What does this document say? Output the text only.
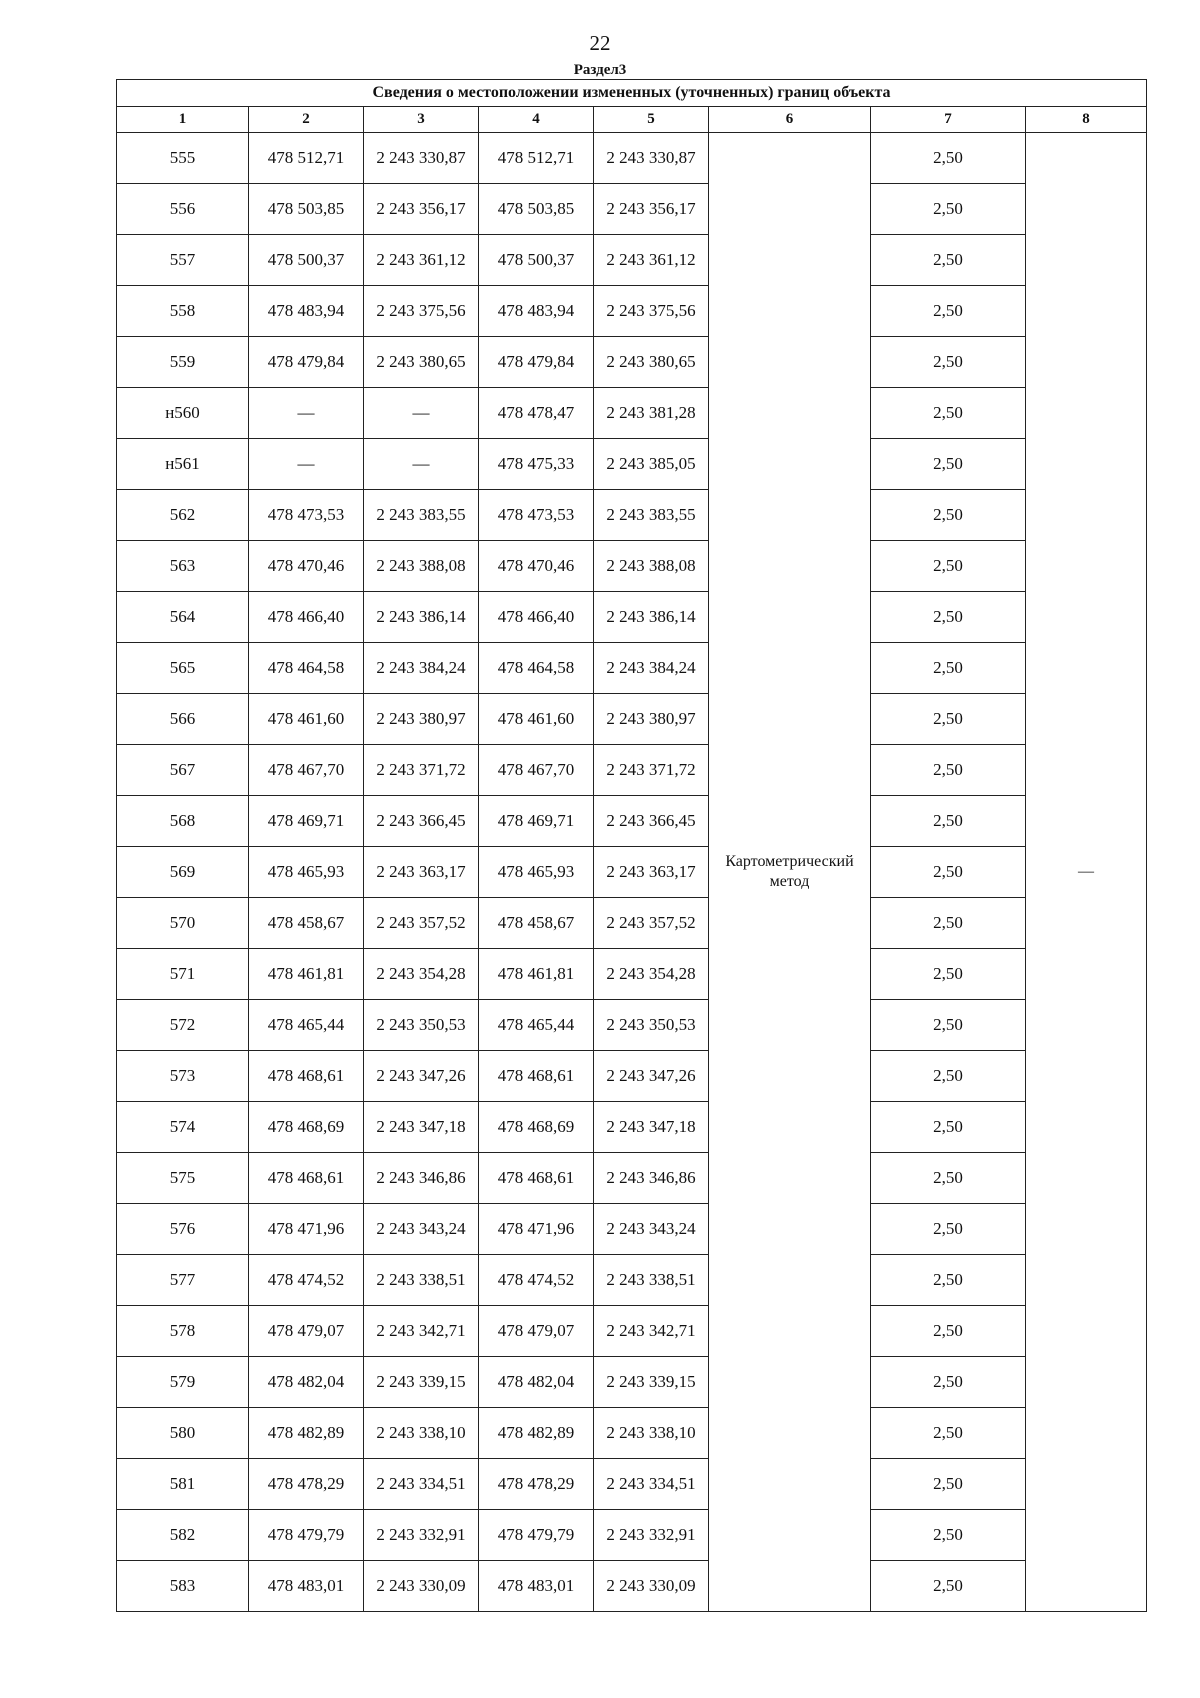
22
Раздел3
Сведения о местоположении измененных (уточненных) границ объекта							
1	2	3	4	5	6	7	8
555	478 512,71	2 243 330,87	478 512,71	2 243 330,87	Картометрический метод	2,50	—
556	478 503,85	2 243 356,17	478 503,85	2 243 356,17		2,50	
557	478 500,37	2 243 361,12	478 500,37	2 243 361,12		2,50	
558	478 483,94	2 243 375,56	478 483,94	2 243 375,56		2,50	
559	478 479,84	2 243 380,65	478 479,84	2 243 380,65		2,50	
н560	—	—	478 478,47	2 243 381,28		2,50	
н561	—	—	478 475,33	2 243 385,05		2,50	
562	478 473,53	2 243 383,55	478 473,53	2 243 383,55		2,50	
563	478 470,46	2 243 388,08	478 470,46	2 243 388,08		2,50	
564	478 466,40	2 243 386,14	478 466,40	2 243 386,14		2,50	
565	478 464,58	2 243 384,24	478 464,58	2 243 384,24		2,50	
566	478 461,60	2 243 380,97	478 461,60	2 243 380,97		2,50	
567	478 467,70	2 243 371,72	478 467,70	2 243 371,72		2,50	
568	478 469,71	2 243 366,45	478 469,71	2 243 366,45		2,50	
569	478 465,93	2 243 363,17	478 465,93	2 243 363,17		2,50	
570	478 458,67	2 243 357,52	478 458,67	2 243 357,52		2,50	
571	478 461,81	2 243 354,28	478 461,81	2 243 354,28		2,50	
572	478 465,44	2 243 350,53	478 465,44	2 243 350,53		2,50	
573	478 468,61	2 243 347,26	478 468,61	2 243 347,26		2,50	
574	478 468,69	2 243 347,18	478 468,69	2 243 347,18		2,50	
575	478 468,61	2 243 346,86	478 468,61	2 243 346,86		2,50	
576	478 471,96	2 243 343,24	478 471,96	2 243 343,24		2,50	
577	478 474,52	2 243 338,51	478 474,52	2 243 338,51		2,50	
578	478 479,07	2 243 342,71	478 479,07	2 243 342,71		2,50	
579	478 482,04	2 243 339,15	478 482,04	2 243 339,15		2,50	
580	478 482,89	2 243 338,10	478 482,89	2 243 338,10		2,50	
581	478 478,29	2 243 334,51	478 478,29	2 243 334,51		2,50	
582	478 479,79	2 243 332,91	478 479,79	2 243 332,91		2,50	
583	478 483,01	2 243 330,09	478 483,01	2 243 330,09		2,50	
